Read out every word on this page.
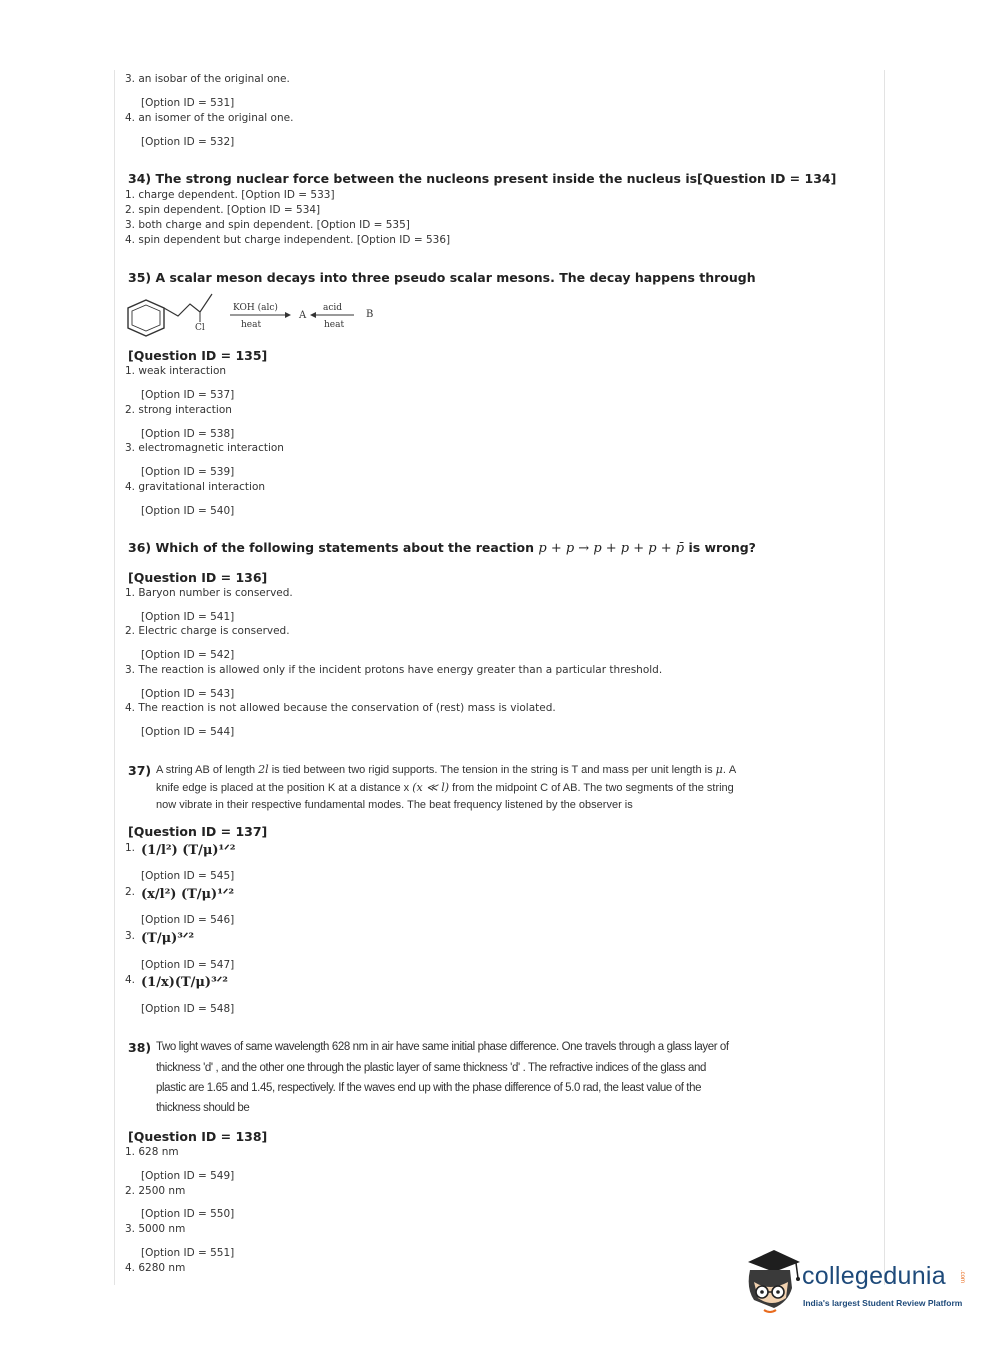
3. an isobar of the original one.

[Option ID = 531]

4. an isomer of the original one.

[Option ID = 532]

34) The strong nuclear force between the nucleons present inside the nucleus is[Question ID = 134]

1. charge dependent. [Option ID = 533]

2. spin dependent. [Option ID = 534]

3. both charge and spin dependent. [Option ID = 535]

4. spin dependent but charge independent. [Option ID = 536]

35) A scalar meson decays into three pseudo scalar mesons. The decay happens through

Cl
KOH (alc)
heat
A
acid
heat
B

[Question ID = 135]

1. weak interaction

[Option ID = 537]

2. strong interaction

[Option ID = 538]

3. electromagnetic interaction

[Option ID = 539]

4. gravitational interaction

[Option ID = 540]

36) Which of the following statements about the reaction p + p → p + p + p + p̄ is wrong?

[Question ID = 136]

1. Baryon number is conserved.

[Option ID = 541]

2. Electric charge is conserved.

[Option ID = 542]

3. The reaction is allowed only if the incident protons have energy greater than a particular threshold.

[Option ID = 543]

4. The reaction is not allowed because the conservation of (rest) mass is violated.

[Option ID = 544]

37) A string AB of length 2l is tied between two rigid supports. The tension in the string is T and mass per unit length is μ. A

knife edge is placed at the position K at a distance x (x ≪ l) from the midpoint C of AB. The two segments of the string

now vibrate in their respective fundamental modes. The beat frequency listened by the observer is

[Question ID = 137]

1. (1/l²) (T/μ)¹ᐟ²

[Option ID = 545]

2. (x/l²) (T/μ)¹ᐟ²

[Option ID = 546]

3. (T/μ)³ᐟ²

[Option ID = 547]

4. (1/x)(T/μ)³ᐟ²

[Option ID = 548]

38) Two light waves of same wavelength 628 nm in air have same initial phase difference. One travels through a glass layer of

thickness 'd' , and the other one through the plastic layer of same thickness 'd' . The refractive indices of the glass and

plastic are 1.65 and 1.45, respectively. If the waves end up with the phase difference of 5.0 rad, the least value of the

thickness should be

[Question ID = 138]

1. 628 nm

[Option ID = 549]

2. 2500 nm

[Option ID = 550]

3. 5000 nm

[Option ID = 551]

4. 6280 nm	collegedunia .com
India's largest Student Review Platform
